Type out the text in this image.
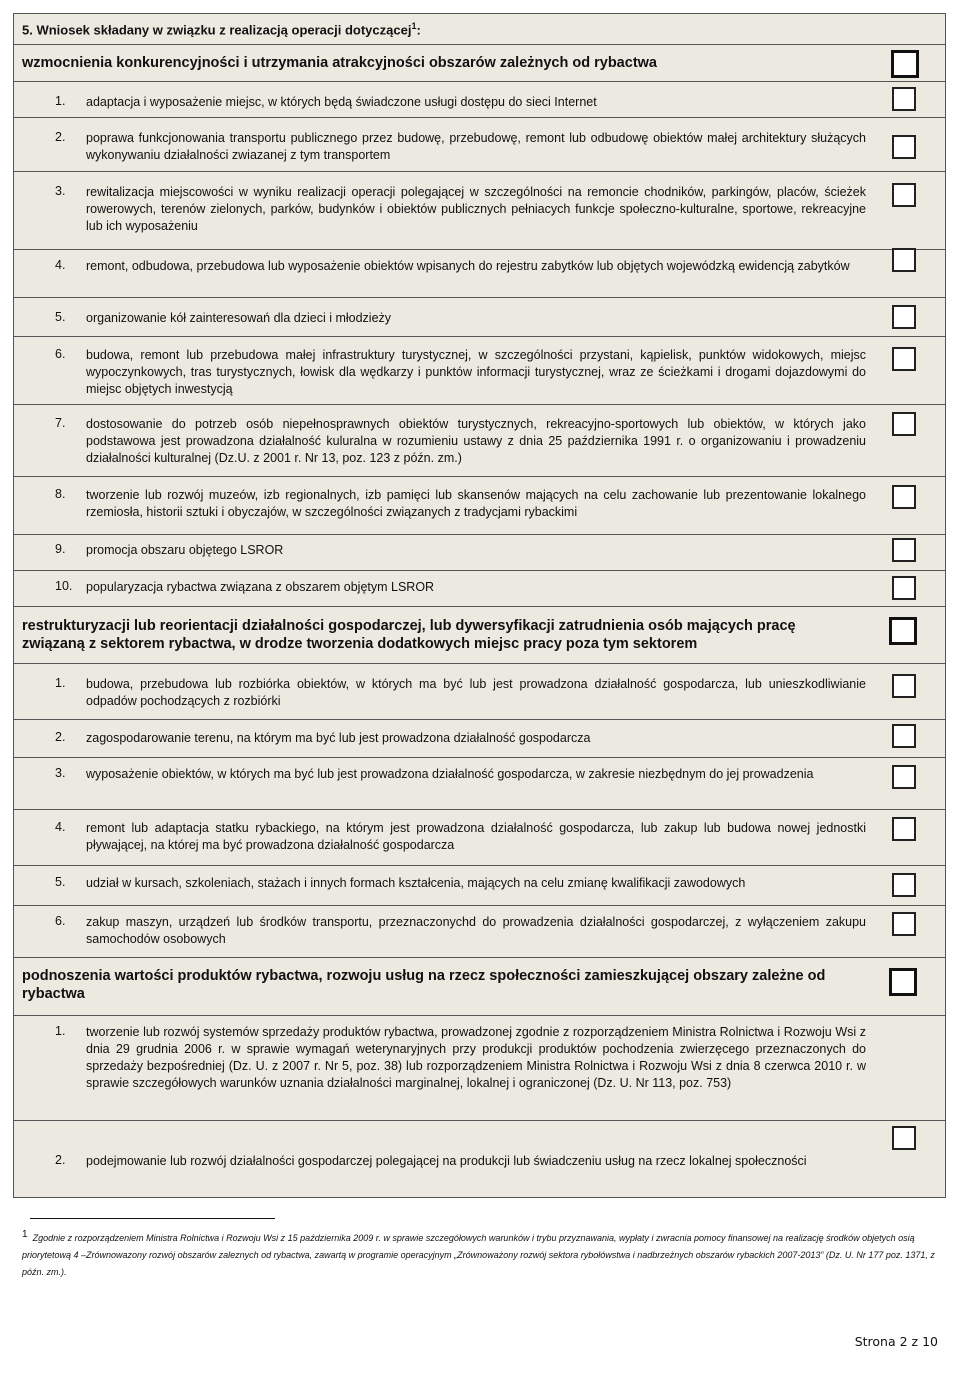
5. Wniosek składany w związku z realizacją operacji dotyczącej$^1$:
wzmocnienia konkurencyjności i utrzymania atrakcyjności obszarów zależnych od rybactwa
1. adaptacja i wyposażenie miejsc, w których będą świadczone usługi dostępu do sieci Internet
2. poprawa funkcjonowania transportu publicznego przez budowę, przebudowę, remont lub odbudowę obiektów małej architektury służących wykonywaniu działalności zwiazanej z tym transportem
3. rewitalizacja miejscowości w wyniku realizacji operacji polegającej w szczególności na remoncie chodników, parkingów, placów, ścieżek rowerowych, terenów zielonych, parków, budynków i obiektów publicznych pełniacych funkcje społeczno-kulturalne, sportowe, rekreacyjne lub ich wyposażeniu
4. remont, odbudowa, przebudowa lub wyposażenie obiektów wpisanych do rejestru zabytków lub objętych wojewódzką ewidencją zabytków
5. organizowanie kół zainteresowań dla dzieci i młodzieży
6. budowa, remont lub przebudowa małej infrastruktury turystycznej, w szczególności przystani, kąpielisk, punktów widokowych, miejsc wypoczynkowych, tras turystycznych, łowisk dla wędkarzy i punktów informacji turystycznej, wraz ze ścieżkami i drogami dojazdowymi do miejsc objętych inwestycją
7. dostosowanie do potrzeb osób niepełnosprawnych obiektów turystycznych, rekreacyjno-sportowych lub obiektów, w których jako podstawowa jest prowadzona działalność kuluralna w rozumieniu ustawy z dnia 25 października 1991 r. o organizowaniu i prowadzeniu działalności kulturalnej (Dz.U. z 2001 r. Nr 13, poz. 123 z późn. zm.)
8. tworzenie lub rozwój muzeów, izb regionalnych, izb pamięci lub skansenów mających na celu zachowanie lub prezentowanie lokalnego rzemiosła, historii sztuki i obyczajów, w szczególności związanych z tradycjami rybackimi
9. promocja obszaru objętego LSROR
10. popularyzacja rybactwa związana z obszarem objętym LSROR
restrukturyzacji lub reorientacji działalności gospodarczej, lub dywersyfikacji zatrudnienia osób mających pracę związaną z sektorem rybactwa, w drodze tworzenia dodatkowych miejsc pracy poza tym sektorem
1. budowa, przebudowa lub rozbiórka obiektów, w których ma być lub jest prowadzona działalność gospodarcza, lub unieszkodliwianie odpadów pochodzących z rozbiórki
2. zagospodarowanie terenu, na którym ma być lub jest prowadzona działalność gospodarcza
3. wyposażenie obiektów, w których ma być lub jest prowadzona działalność gospodarcza, w zakresie niezbędnym do jej prowadzenia
4. remont lub adaptacja statku rybackiego, na którym jest prowadzona działalność gospodarcza, lub zakup lub budowa nowej jednostki pływającej, na której ma być prowadzona działalność gospodarcza
5. udział w kursach, szkoleniach, stażach i innych formach kształcenia, mających na celu zmianę kwalifikacji zawodowych
6. zakup maszyn, urządzeń lub środków transportu, przeznaczonychd do prowadzenia działalności gospodarczej, z wyłączeniem zakupu samochodów osobowych
podnoszenia wartości produktów rybactwa, rozwoju usług na rzecz społeczności zamieszkującej obszary zależne od rybactwa
1. tworzenie lub rozwój systemów sprzedaży produktów rybactwa, prowadzonej zgodnie z rozporządzeniem Ministra Rolnictwa i Rozwoju Wsi z dnia 29 grudnia 2006 r. w sprawie wymagań weterynaryjnych przy produkcji produktów pochodzenia zwierzęcego przeznaczonych do sprzedaży bezpośredniej (Dz. U. z 2007 r. Nr 5, poz. 38) lub rozporządzeniem Ministra Rolnictwa i Rozwoju Wsi z dnia 8 czerwca 2010 r. w sprawie szczegółowych warunków uznania działalności marginalnej, lokalnej i ograniczonej (Dz. U. Nr 113, poz. 753)
2. podejmowanie lub rozwój działalności gospodarczej polegającej na produkcji lub świadczeniu usług na rzecz lokalnej społeczności
$^1$ Zgodnie z rozporządzeniem Ministra Rolnictwa i Rozwoju Wsi z 15 października 2009 r. w sprawie szczegółowych warunków i trybu przyznawania, wypłaty i zwracnia pomocy finansowej na realizację środków objetych osią priorytetową 4 –Zrównowazony rozwój obszarów zaleznych od rybactwa, zawartą w programie operacyjnym „Zrównoważony rozwój sektora rybołówstwa i nadbrzeżnych obszarów rybackich 2007-2013” (Dz. U. Nr 177 poz. 1371, z późn. zm.).
Strona 2 z 10
